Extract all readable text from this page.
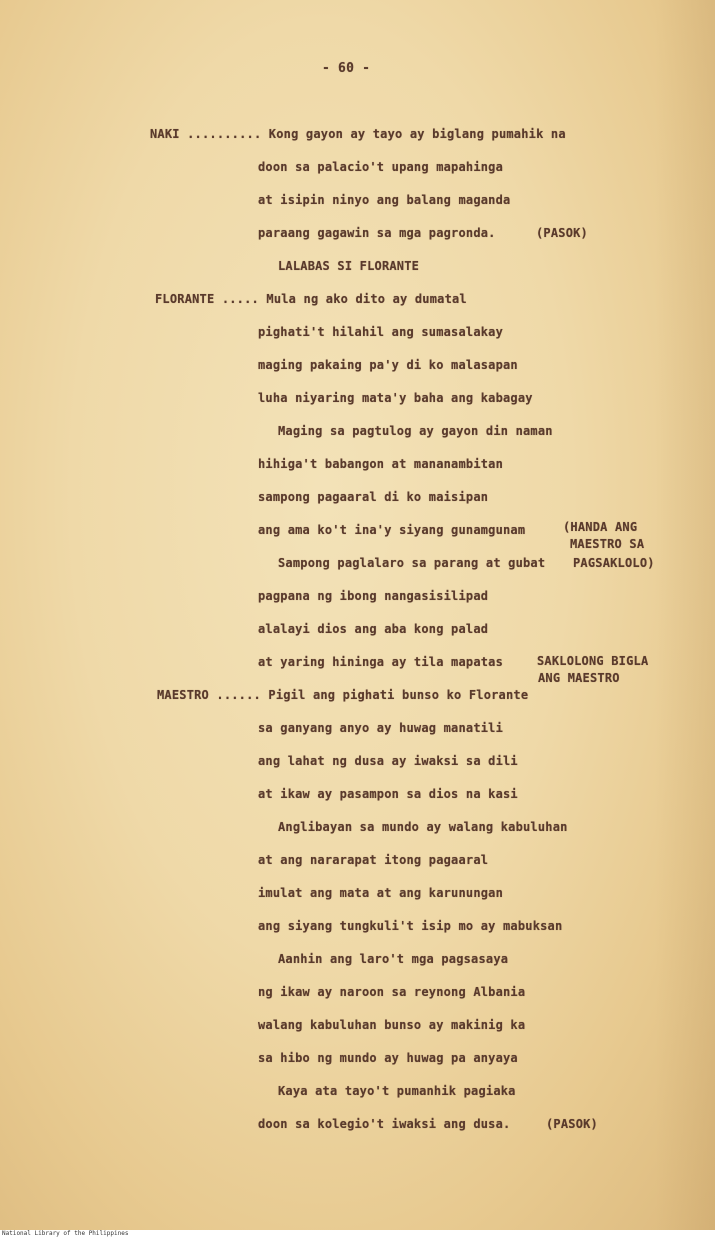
- 60 -
NAKI .......... Kong gayon ay tayo ay biglang pumahik na
doon sa palacio't upang mapahinga
at isipin ninyo ang balang maganda
paraang gagawin sa mga pagronda.	(PASOK)
LALABAS SI FLORANTE
FLORANTE ..... Mula ng ako dito ay dumatal
pighati't hilahil ang sumasalakay
maging pakaing pa'y di ko malasapan
luha niyaring mata'y baha ang kabagay
Maging sa pagtulog ay gayon din naman
hihiga't babangon at mananambitan
sampong pagaaral di ko maisipan
ang ama ko't ina'y siyang gunamgunam	(HANDA ANG
MAESTRO SA
Sampong paglalaro sa parang at gubat PAGSAKLOLO)
pagpana ng ibong nangasisilipad
alalayi dios ang aba kong palad
at yaring hininga ay tila mapatas	SAKLOLONG BIGLA
ANG MAESTRO
MAESTRO ...... Pigil ang pighati bunso ko Florante
sa ganyang anyo ay huwag manatili
ang lahat ng dusa ay iwaksi sa dili
at ikaw ay pasampon sa dios na kasi
Anglibayan sa mundo ay walang kabuluhan
at ang nararapat itong pagaaral
imulat ang mata at ang karunungan
ang siyang tungkuli't isip mo ay mabuksan
Aanhin ang laro't mga pagsasaya
ng ikaw ay naroon sa reynong Albania
walang kabuluhan bunso ay makinig ka
sa hibo ng mundo ay huwag pa anyaya
Kaya ata tayo't pumanhik pagiaka
doon sa kolegio't iwaksi ang dusa.	(PASOK)
National Library of the Philippines
